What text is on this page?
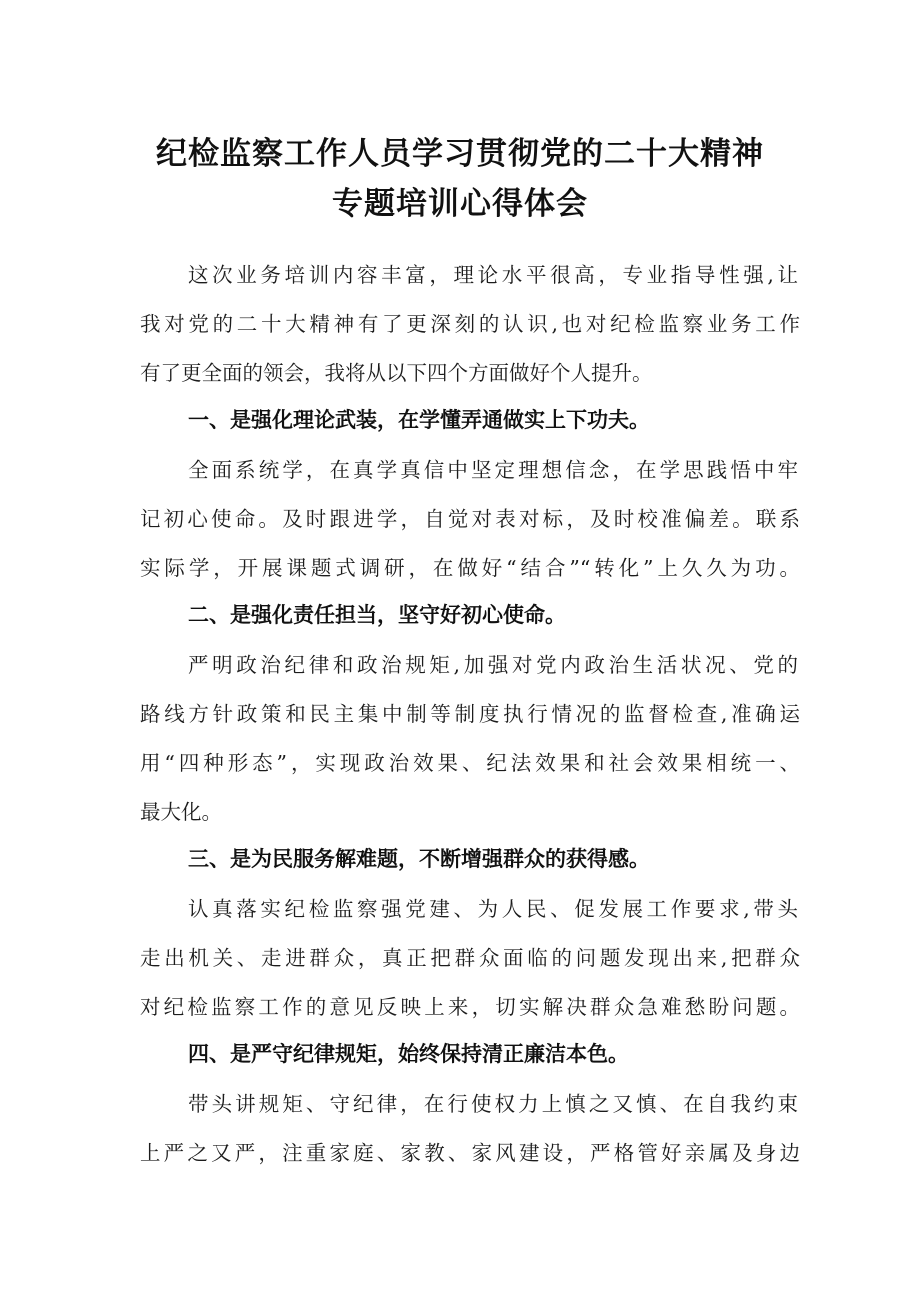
纪检监察工作人员学习贯彻党的二十大精神
专题培训心得体会
这次业务培训内容丰富，理论水平很高，专业指导性强,让
我对党的二十大精神有了更深刻的认识,也对纪检监察业务工作
有了更全面的领会，我将从以下四个方面做好个人提升。
一、是强化理论武装，在学懂弄通做实上下功夫。
全面系统学，在真学真信中坚定理想信念，在学思践悟中牢
记初心使命。及时跟进学，自觉对表对标，及时校准偏差。联系
实际学，开展课题式调研，在做好“结合”“转化”上久久为功。
二、是强化责任担当，坚守好初心使命。
严明政治纪律和政治规矩,加强对党内政治生活状况、党的
路线方针政策和民主集中制等制度执行情况的监督检查,准确运
用“四种形态”，实现政治效果、纪法效果和社会效果相统一、
最大化。
三、是为民服务解难题，不断增强群众的获得感。
认真落实纪检监察强党建、为人民、促发展工作要求,带头
走出机关、走进群众，真正把群众面临的问题发现出来,把群众
对纪检监察工作的意见反映上来，切实解决群众急难愁盼问题。
四、是严守纪律规矩，始终保持清正廉洁本色。
带头讲规矩、守纪律，在行使权力上慎之又慎、在自我约束
上严之又严，注重家庭、家教、家风建设，严格管好亲属及身边
